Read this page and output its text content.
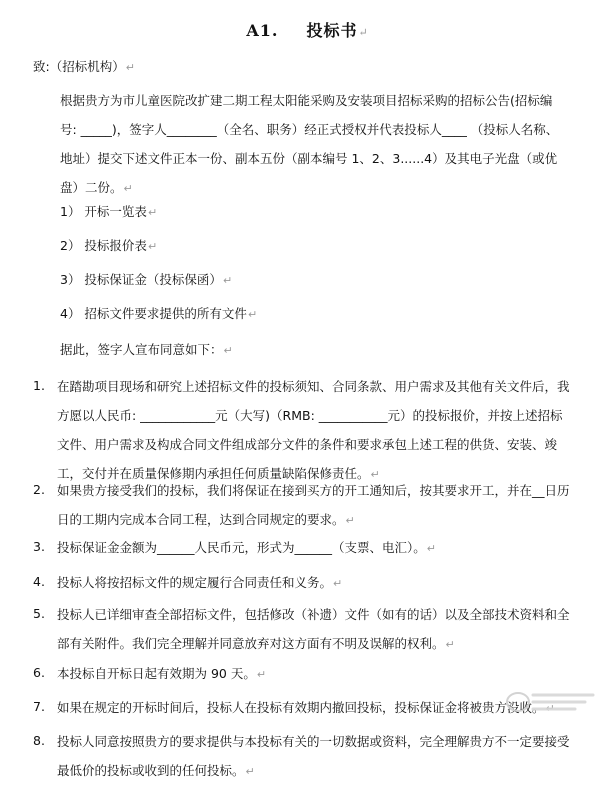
A1. 投标书↵
致:（招标机构）↵
根据贵方为市儿童医院改扩建二期工程太阳能采购及安装项目招标采购的招标公告(招标编号: _____)，签字人________（全名、职务）经正式授权并代表投标人____ （投标人名称、地址）提交下述文件正本一份、副本五份（副本编号 1、2、3......4）及其电子光盘（或优盘）二份。↵
1） 开标一览表↵
2） 投标报价表↵
3） 投标保证金（投标保函）↵
4） 招标文件要求提供的所有文件↵
据此，签字人宣布同意如下：↵
1. 在踏勘项目现场和研究上述招标文件的投标须知、合同条款、用户需求及其他有关文件后，我方愿以人民币: ____________元（大写)（RMB: ___________元）的投标报价，并按上述招标文件、用户需求及构成合同文件组成部分文件的条件和要求承包上述工程的供货、安装、竣工，交付并在质量保修期内承担任何质量缺陷保修责任。↵
2. 如果贵方接受我们的投标，我们将保证在接到买方的开工通知后，按其要求开工，并在__日历日的工期内完成本合同工程，达到合同规定的要求。↵
3. 投标保证金金额为______人民币元，形式为______（支票、电汇）。↵
4. 投标人将按招标文件的规定履行合同责任和义务。↵
5. 投标人已详细审查全部招标文件，包括修改（补遗）文件（如有的话）以及全部技术资料和全部有关附件。我们完全理解并同意放弃对这方面有不明及误解的权利。↵
6. 本投标自开标日起有效期为 90 天。↵
7. 如果在规定的开标时间后，投标人在投标有效期内撤回投标，投标保证金将被贵方没收。
8. 投标人同意按照贵方的要求提供与本投标有关的一切数据或资料，完全理解贵方不一定要接受最低价的投标或收到的任何投标。↵
